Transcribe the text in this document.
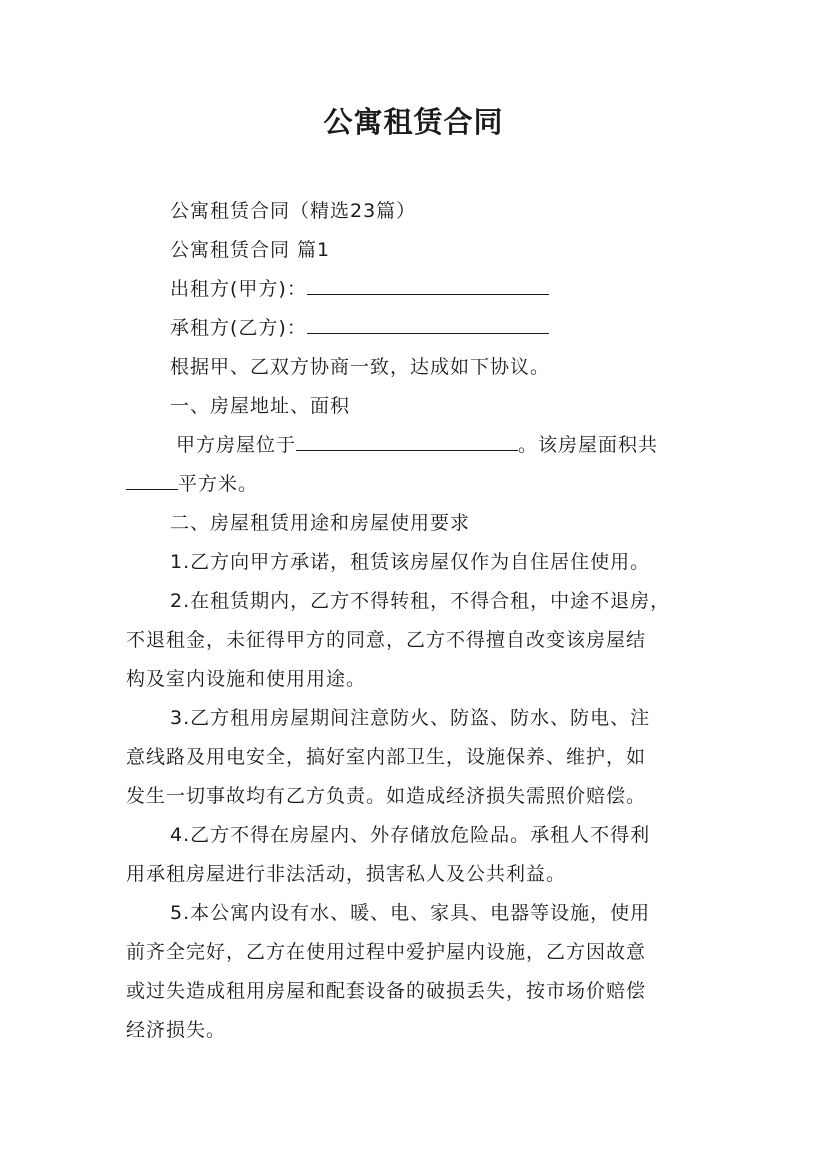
公寓租赁合同
公寓租赁合同（精选23篇）
公寓租赁合同 篇1
出租方(甲方)：
承租方(乙方)：
根据甲、乙双方协商一致，达成如下协议。
一、房屋地址、面积
甲方房屋位于	。该房屋面积共
平方米。
二、房屋租赁用途和房屋使用要求
1.乙方向甲方承诺，租赁该房屋仅作为自住居住使用。
2.在租赁期内，乙方不得转租，不得合租，中途不退房，
不退租金，未征得甲方的同意，乙方不得擅自改变该房屋结
构及室内设施和使用用途。
3.乙方租用房屋期间注意防火、防盗、防水、防电、注
意线路及用电安全，搞好室内部卫生，设施保养、维护，如
发生一切事故均有乙方负责。如造成经济损失需照价赔偿。
4.乙方不得在房屋内、外存储放危险品。承租人不得利
用承租房屋进行非法活动，损害私人及公共利益。
5.本公寓内设有水、暖、电、家具、电器等设施，使用
前齐全完好，乙方在使用过程中爱护屋内设施，乙方因故意
或过失造成租用房屋和配套设备的破损丢失，按市场价赔偿
经济损失。
